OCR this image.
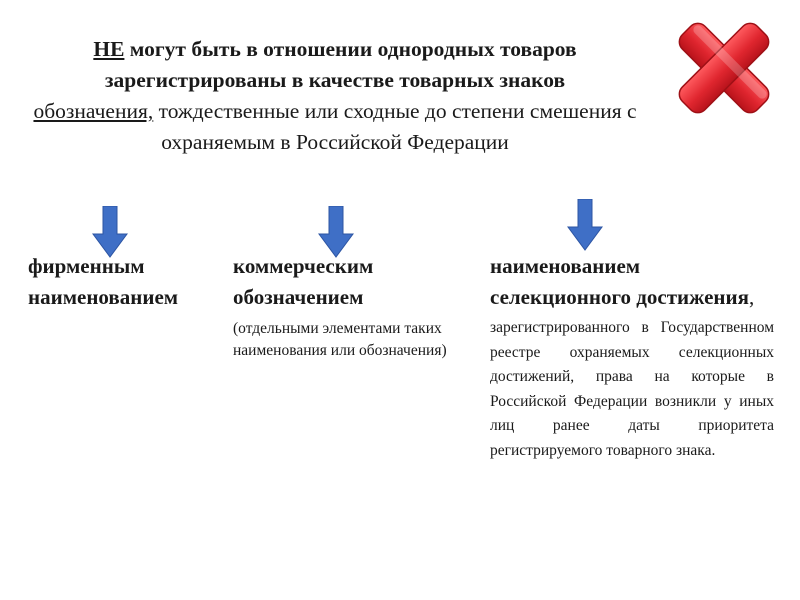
НЕ могут быть в отношении однородных товаров зарегистрированы в качестве товарных знаков
обозначения, тождественные или сходные до степени смешения с охраняемым в Российской Федерации
фирменным наименованием
коммерческим обозначением
(отдельными элементами таких наименования или обозначения)
наименованием селекционного достижения,
зарегистрированного в Государственном реестре охраняемых селекционных достижений, права на которые в Российской Федерации возникли у иных лиц ранее даты приоритета регистрируемого товарного знака.
